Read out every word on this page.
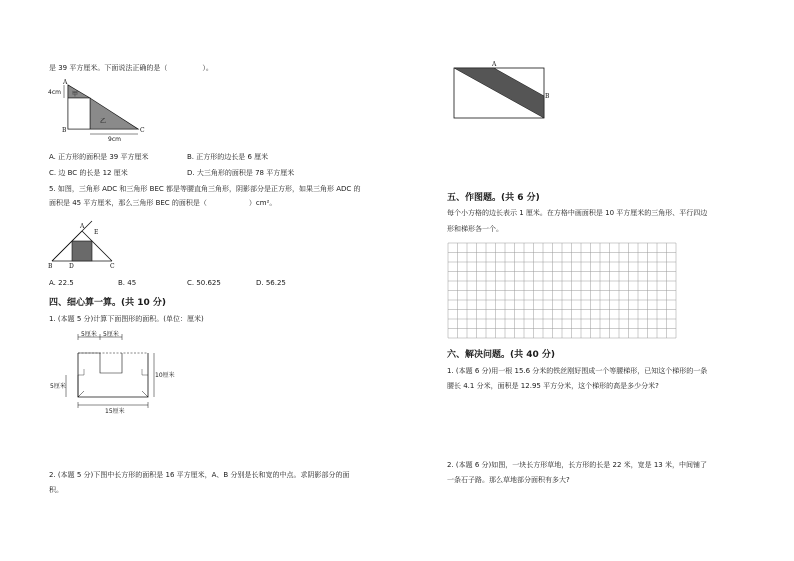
是 39 平方厘米。下面说法正确的是（　　　　　）。
A
4cm 甲
乙
B	C
9cm
A. 正方形的面积是 39 平方厘米	B. 正方形的边长是 6 厘米
C. 边 BC 的长是 12 厘米	D. 大三角形的面积是 78 平方厘米
5. 如图，三角形 ADC 和三角形 BEC 都是等腰直角三角形，阴影部分是正方形，如果三角形 ADC 的
面积是 45 平方厘米，那么三角形 BEC 的面积是（　　　　　　）cm²。
A
E
B	D	C
A. 22.5	B. 45	C. 50.625	D. 56.25
四、细心算一算。(共 10 分)
1. (本题 5 分)计算下面图形的面积。(单位：厘米)
5厘米 5厘米
5厘米
10厘米
15厘米
2. (本题 5 分)下图中长方形的面积是 16 平方厘米，A、B 分别是长和宽的中点。求阴影部分的面
积。
A
B
五、作图题。(共 6 分)
每个小方格的边长表示 1 厘米。在方格中画面积是 10 平方厘米的三角形、平行四边
形和梯形各一个。
六、解决问题。(共 40 分)
1. (本题 6 分)用一根 15.6 分米的铁丝刚好围成一个等腰梯形，已知这个梯形的一条
腰长 4.1 分米，面积是 12.95 平方分米，这个梯形的高是多少分米?
2. (本题 6 分)如图，一块长方形草地，长方形的长是 22 米，宽是 13 米，中间铺了
一条石子路。那么草地部分面积有多大?
